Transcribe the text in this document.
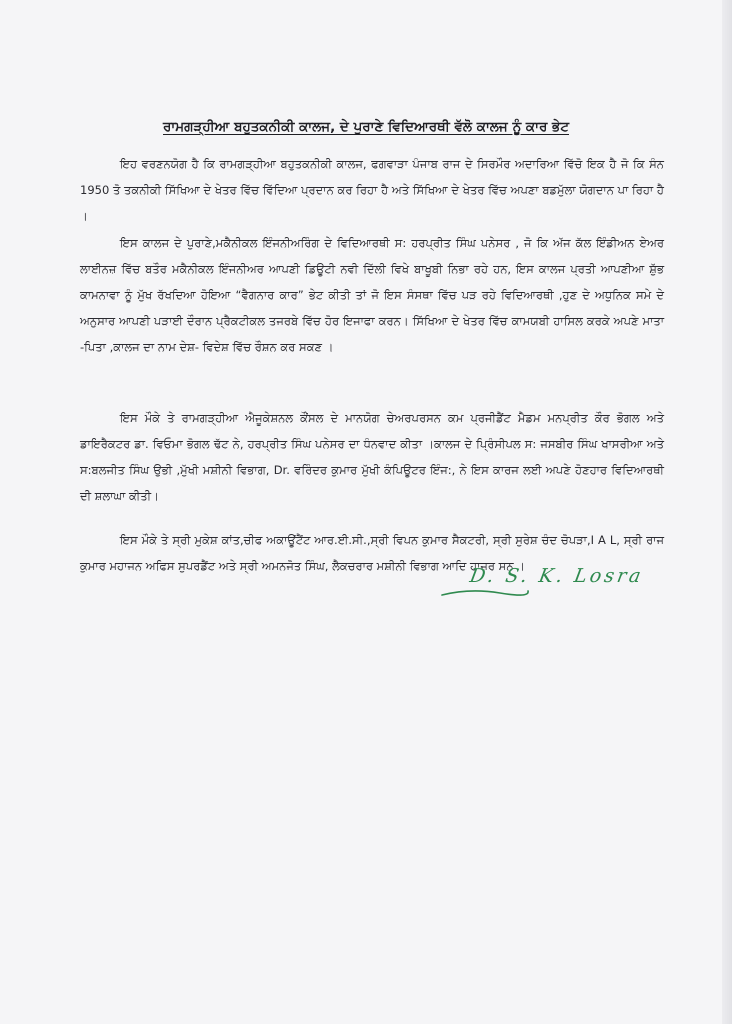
ਰਾਮਗੜ੍ਹੀਆ ਬਹੁਤਕਨੀਕੀ ਕਾਲਜ, ਦੇ ਪੁਰਾਣੇ ਵਿਦਿਆਰਥੀ ਵੱਲੋ ਕਾਲਜ ਨੂੰ ਕਾਰ ਭੇਟ
ਇਹ ਵਰਣਨਯੋਗ ਹੈ ਕਿ ਰਾਮਗੜ੍ਹੀਆ ਬਹੁਤਕਨੀਕੀ ਕਾਲਜ, ਫਗਵਾੜਾ ਪੰਜਾਬ ਰਾਜ ਦੇ ਸਿਰਮੌਰ ਅਦਾਰਿਆ ਵਿੱਚੋ ਇਕ ਹੈ ਜੋ ਕਿ ਸੰਨ 1950 ਤੋ ਤਕਨੀਕੀ ਸਿੱਖਿਆ ਦੇ ਖੇਤਰ ਵਿੱਚ ਵਿੱਦਿਆ ਪ੍ਰਦਾਨ ਕਰ ਰਿਹਾ ਹੈ ਅਤੇ ਸਿੱਖਿਆ ਦੇ ਖੇਤਰ ਵਿੱਚ ਅਪਣਾ ਬਡਮੁੱਲਾ ਯੋਗਦਾਨ ਪਾ ਰਿਹਾ ਹੈ ।
ਇਸ ਕਾਲਜ ਦੇ ਪੁਰਾਣੇ,ਮਕੈਨੀਕਲ ਇੰਜਨੀਅਰਿੰਗ ਦੇ ਵਿਦਿਆਰਥੀ ਸ: ਹਰਪ੍ਰੀਤ ਸਿੰਘ ਪਨੇਸਰ , ਜੋ ਕਿ ਅੱਜ ਕੱਲ ਇੰਡੀਅਨ ਏਅਰ ਲਾਈਨਜ਼ ਵਿੱਚ ਬਤੌਰ ਮਕੈਨੀਕਲ ਇੰਜਨੀਅਰ ਆਪਣੀ ਡਿਊਟੀ ਨਵੀ ਦਿੱਲੀ ਵਿਖੇ ਬਾਖੂਬੀ ਨਿਭਾ ਰਹੇ ਹਨ, ਇਸ ਕਾਲਜ ਪ੍ਰਤੀ ਆਪਣੀਆ ਸ਼ੁੱਭ ਕਾਮਨਾਵਾ ਨੂੰ ਮੁੱਖ ਰੱਖਦਿਆ ਹੋਇਆ “ਵੈਗਨਾਰ ਕਾਰ” ਭੇਟ ਕੀਤੀ ਤਾਂ ਜੋ ਇਸ ਸੰਸਥਾ ਵਿੱਚ ਪੜ ਰਹੇ ਵਿਦਿਆਰਥੀ ,ਹੁਣ ਦੇ ਅਧੁਨਿਕ ਸਮੇ ਦੇ ਅਨੁਸਾਰ ਆਪਣੀ ਪੜਾਈ ਦੌਰਾਨ ਪ੍ਰੈਕਟੀਕਲ ਤਜਰਬੇ ਵਿੱਚ ਹੋਰ ਇਜਾਫਾ ਕਰਨ। ਸਿੱਖਿਆ ਦੇ ਖੇਤਰ ਵਿੱਚ ਕਾਮਯਬੀ ਹਾਸਿਲ ਕਰਕੇ ਅਪਣੇ ਮਾਤਾ -ਪਿਤਾ ,ਕਾਲਜ ਦਾ ਨਾਮ ਦੇਸ਼- ਵਿਦੇਸ਼ ਵਿੱਚ ਰੌਸ਼ਨ ਕਰ ਸਕਣ ।
ਇਸ ਮੌਕੇ ਤੇ ਰਾਮਗੜ੍ਹੀਆ ਐਜੂਕੇਸ਼ਨਲ ਕੌਂਸਲ ਦੇ ਮਾਨਯੋਗ ਚੇਅਰਪਰਸਨ ਕਮ ਪ੍ਰਜੀਡੈਂਟ ਮੈਡਮ ਮਨਪ੍ਰੀਤ ਕੌਰ ਭੋਗਲ ਅਤੇ ਡਾਇਰੈਕਟਰ ਡਾ. ਵਿਓਮਾ ਭੋਗਲ ਢੱਟ ਨੇ, ਹਰਪ੍ਰੀਤ ਸਿੰਘ ਪਨੇਸਰ ਦਾ ਧੰਨਵਾਦ ਕੀਤਾ ।ਕਾਲਜ ਦੇ ਪ੍ਰਿੰਸੀਪਲ ਸ: ਜਸਬੀਰ ਸਿੰਘ ਖਾਸਰੀਆ ਅਤੇ ਸ:ਬਲਜੀਤ ਸਿੰਘ ਉਭੀ ,ਮੁੱਖੀ ਮਸ਼ੀਨੀ ਵਿਭਾਗ, Dr. ਵਰਿੰਦਰ ਕੁਮਾਰ ਮੁੱਖੀ ਕੰਪਿਊਟਰ ਇੰਜ:, ਨੇ ਇਸ ਕਾਰਜ ਲਈ ਅਪਣੇ ਹੋਣਹਾਰ ਵਿਦਿਆਰਥੀ ਦੀ ਸ਼ਲਾਘਾ ਕੀਤੀ।
ਇਸ ਮੌਕੇ ਤੇ ਸ੍ਰੀ ਮੁਕੇਸ਼ ਕਾਂਤ,ਚੀਫ ਅਕਾਊਂਟੈਂਟ ਆਰ.ਈ.ਸੀ.,ਸ੍ਰੀ ਵਿਪਨ ਕੁਮਾਰ ਸੈਕਟਰੀ, ਸ੍ਰੀ ਸੁਰੇਸ਼ ਚੰਦ ਚੋਪੜਾ,I A L, ਸ੍ਰੀ ਰਾਜ ਕੁਮਾਰ ਮਹਾਜਨ ਅਫਿਸ ਸੁਪਰਡੈਂਟ ਅਤੇ ਸ੍ਰੀ ਅਮਨਜੋਤ ਸਿੰਘ, ਲੈਕਚਰਾਰ ਮਸ਼ੀਨੀ ਵਿਭਾਗ ਆਦਿ ਹਾਜ਼ਰ ਸਨ ।
D. S. K. Losra
